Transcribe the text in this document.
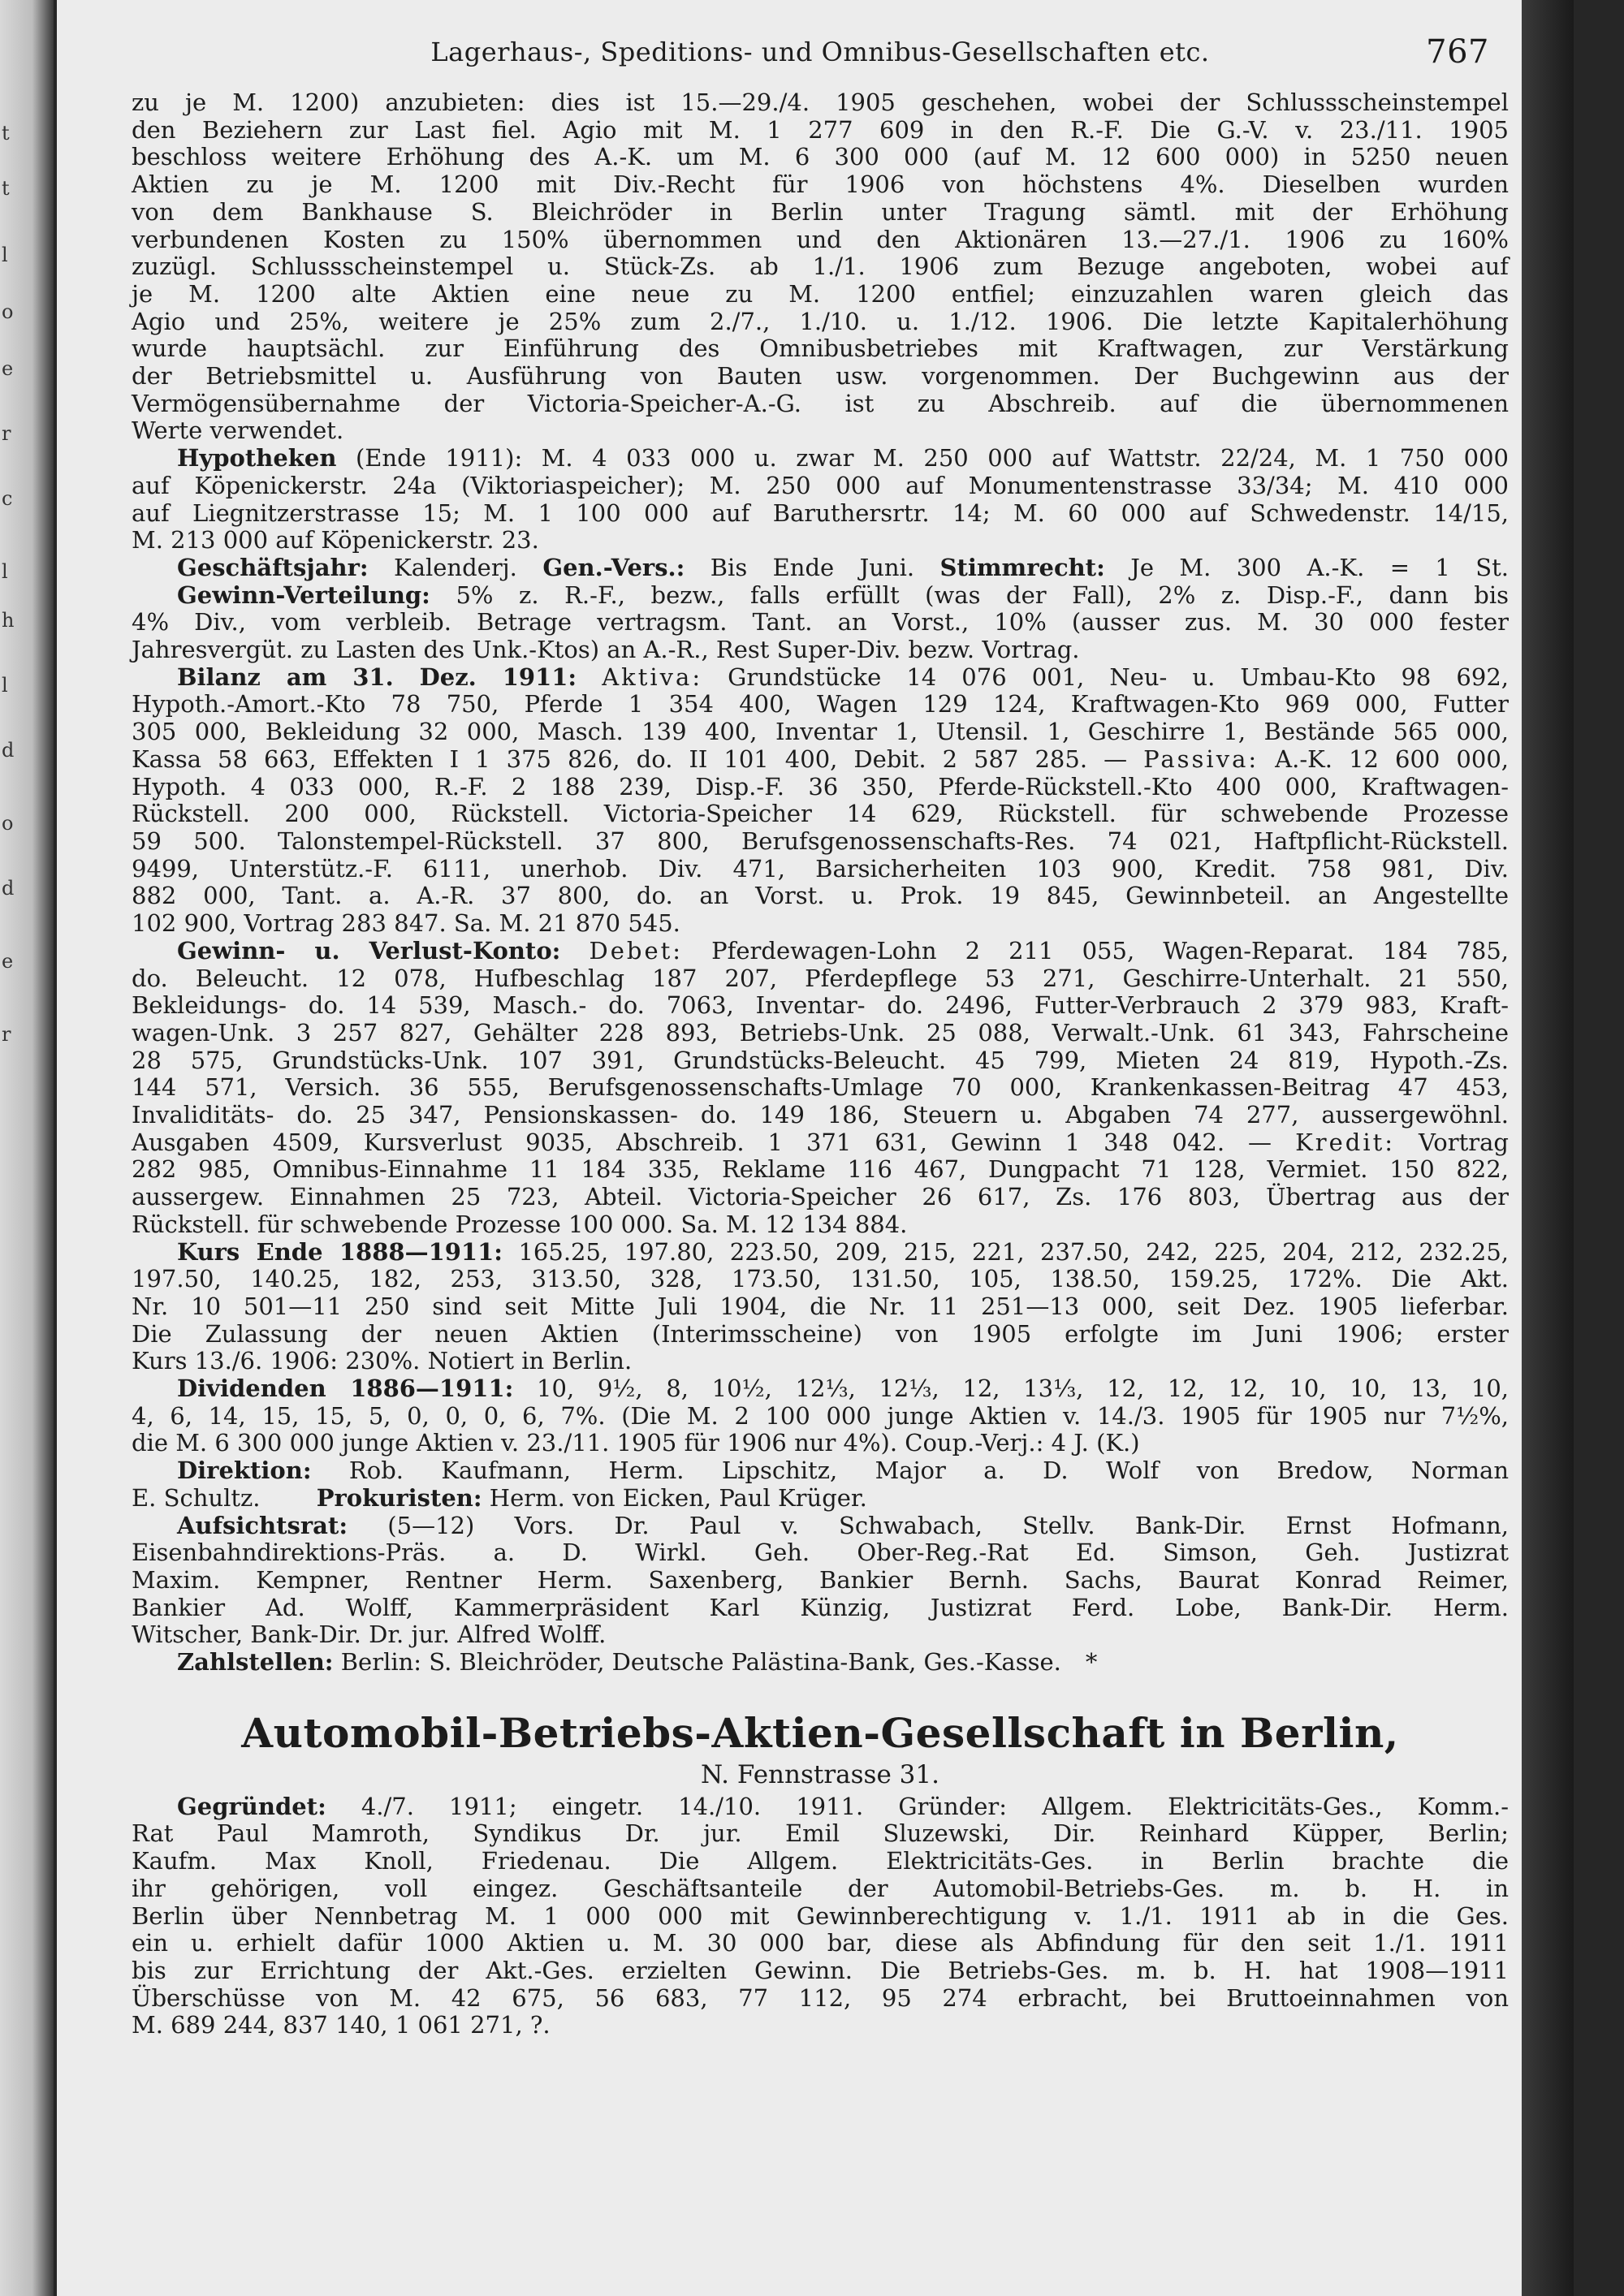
t
t
l
o
e
r
c
l
h
l
d
o
d
e
r
Lagerhaus-, Speditions- und Omnibus-Gesellschaften etc.	767

zu je M. 1200) anzubieten: dies ist 15.—29./4. 1905 geschehen, wobei der Schlussscheinstempel

den Beziehern zur Last fiel. Agio mit M. 1 277 609 in den R.-F. Die G.-V. v. 23./11. 1905

beschloss weitere Erhöhung des A.-K. um M. 6 300 000 (auf M. 12 600 000) in 5250 neuen

Aktien zu je M. 1200 mit Div.-Recht für 1906 von höchstens 4%. Dieselben wurden

von dem Bankhause S. Bleichröder in Berlin unter Tragung sämtl. mit der Erhöhung

verbundenen Kosten zu 150% übernommen und den Aktionären 13.—27./1. 1906 zu 160%

zuzügl. Schlussscheinstempel u. Stück-Zs. ab 1./1. 1906 zum Bezuge angeboten, wobei auf

je M. 1200 alte Aktien eine neue zu M. 1200 entfiel; einzuzahlen waren gleich das

Agio und 25%, weitere je 25% zum 2./7., 1./10. u. 1./12. 1906. Die letzte Kapitalerhöhung

wurde hauptsächl. zur Einführung des Omnibusbetriebes mit Kraftwagen, zur Verstärkung

der Betriebsmittel u. Ausführung von Bauten usw. vorgenommen. Der Buchgewinn aus der

Vermögensübernahme der Victoria-Speicher-A.-G. ist zu Abschreib. auf die übernommenen

Werte verwendet.

Hypotheken (Ende 1911): M. 4 033 000 u. zwar M. 250 000 auf Wattstr. 22/24, M. 1 750 000

auf Köpenickerstr. 24a (Viktoriaspeicher); M. 250 000 auf Monumentenstrasse 33/34; M. 410 000

auf Liegnitzerstrasse 15; M. 1 100 000 auf Baruthersrtr. 14; M. 60 000 auf Schwedenstr. 14/15,

M. 213 000 auf Köpenickerstr. 23.

Geschäftsjahr: Kalenderj. Gen.-Vers.: Bis Ende Juni. Stimmrecht: Je M. 300 A.-K. = 1 St.

Gewinn-Verteilung: 5% z. R.-F., bezw., falls erfüllt (was der Fall), 2% z. Disp.-F., dann bis

4% Div., vom verbleib. Betrage vertragsm. Tant. an Vorst., 10% (ausser zus. M. 30 000 fester

Jahresvergüt. zu Lasten des Unk.-Ktos) an A.-R., Rest Super-Div. bezw. Vortrag.

Bilanz am 31. Dez. 1911: Aktiva: Grundstücke 14 076 001, Neu- u. Umbau-Kto 98 692,

Hypoth.-Amort.-Kto 78 750, Pferde 1 354 400, Wagen 129 124, Kraftwagen-Kto 969 000, Futter

305 000, Bekleidung 32 000, Masch. 139 400, Inventar 1, Utensil. 1, Geschirre 1, Bestände 565 000,

Kassa 58 663, Effekten I 1 375 826, do. II 101 400, Debit. 2 587 285. — Passiva: A.-K. 12 600 000,

Hypoth. 4 033 000, R.-F. 2 188 239, Disp.-F. 36 350, Pferde-Rückstell.-Kto 400 000, Kraftwagen-

Rückstell. 200 000, Rückstell. Victoria-Speicher 14 629, Rückstell. für schwebende Prozesse

59 500. Talonstempel-Rückstell. 37 800, Berufsgenossenschafts-Res. 74 021, Haftpflicht-Rückstell.

9499, Unterstütz.-F. 6111, unerhob. Div. 471, Barsicherheiten 103 900, Kredit. 758 981, Div.

882 000, Tant. a. A.-R. 37 800, do. an Vorst. u. Prok. 19 845, Gewinnbeteil. an Angestellte

102 900, Vortrag 283 847. Sa. M. 21 870 545.

Gewinn- u. Verlust-Konto: Debet: Pferdewagen-Lohn 2 211 055, Wagen-Reparat. 184 785,

do. Beleucht. 12 078, Hufbeschlag 187 207, Pferdepflege 53 271, Geschirre-Unterhalt. 21 550,

Bekleidungs- do. 14 539, Masch.- do. 7063, Inventar- do. 2496, Futter-Verbrauch 2 379 983, Kraft-

wagen-Unk. 3 257 827, Gehälter 228 893, Betriebs-Unk. 25 088, Verwalt.-Unk. 61 343, Fahrscheine

28 575, Grundstücks-Unk. 107 391, Grundstücks-Beleucht. 45 799, Mieten 24 819, Hypoth.-Zs.

144 571, Versich. 36 555, Berufsgenossenschafts-Umlage 70 000, Krankenkassen-Beitrag 47 453,

Invaliditäts- do. 25 347, Pensionskassen- do. 149 186, Steuern u. Abgaben 74 277, aussergewöhnl.

Ausgaben 4509, Kursverlust 9035, Abschreib. 1 371 631, Gewinn 1 348 042. — Kredit: Vortrag

282 985, Omnibus-Einnahme 11 184 335, Reklame 116 467, Dungpacht 71 128, Vermiet. 150 822,

aussergew. Einnahmen 25 723, Abteil. Victoria-Speicher 26 617, Zs. 176 803, Übertrag aus der

Rückstell. für schwebende Prozesse 100 000. Sa. M. 12 134 884.

Kurs Ende 1888—1911: 165.25, 197.80, 223.50, 209, 215, 221, 237.50, 242, 225, 204, 212, 232.25,

197.50, 140.25, 182, 253, 313.50, 328, 173.50, 131.50, 105, 138.50, 159.25, 172%. Die Akt.

Nr. 10 501—11 250 sind seit Mitte Juli 1904, die Nr. 11 251—13 000, seit Dez. 1905 lieferbar.

Die Zulassung der neuen Aktien (Interimsscheine) von 1905 erfolgte im Juni 1906; erster

Kurs 13./6. 1906: 230%. Notiert in Berlin.

Dividenden 1886—1911: 10, 9½, 8, 10½, 12⅓, 12⅓, 12, 13⅓, 12, 12, 12, 10, 10, 13, 10,

4, 6, 14, 15, 15, 5, 0, 0, 0, 6, 7%. (Die M. 2 100 000 junge Aktien v. 14./3. 1905 für 1905 nur 7½%,

die M. 6 300 000 junge Aktien v. 23./11. 1905 für 1906 nur 4%). Coup.-Verj.: 4 J. (K.)

Direktion: Rob. Kaufmann, Herm. Lipschitz, Major a. D. Wolf von Bredow, Norman

E. Schultz. Prokuristen: Herm. von Eicken, Paul Krüger.

Aufsichtsrat: (5—12) Vors. Dr. Paul v. Schwabach, Stellv. Bank-Dir. Ernst Hofmann,

Eisenbahndirektions-Präs. a. D. Wirkl. Geh. Ober-Reg.-Rat Ed. Simson, Geh. Justizrat

Maxim. Kempner, Rentner Herm. Saxenberg, Bankier Bernh. Sachs, Baurat Konrad Reimer,

Bankier Ad. Wolff, Kammerpräsident Karl Künzig, Justizrat Ferd. Lobe, Bank-Dir. Herm.

Witscher, Bank-Dir. Dr. jur. Alfred Wolff.

Zahlstellen: Berlin: S. Bleichröder, Deutsche Palästina-Bank, Ges.-Kasse. *

Automobil-Betriebs-Aktien-Gesellschaft in Berlin,
N. Fennstrasse 31.

Gegründet: 4./7. 1911; eingetr. 14./10. 1911. Gründer: Allgem. Elektricitäts-Ges., Komm.-

Rat Paul Mamroth, Syndikus Dr. jur. Emil Sluzewski, Dir. Reinhard Küpper, Berlin;

Kaufm. Max Knoll, Friedenau. Die Allgem. Elektricitäts-Ges. in Berlin brachte die

ihr gehörigen, voll eingez. Geschäftsanteile der Automobil-Betriebs-Ges. m. b. H. in

Berlin über Nennbetrag M. 1 000 000 mit Gewinnberechtigung v. 1./1. 1911 ab in die Ges.

ein u. erhielt dafür 1000 Aktien u. M. 30 000 bar, diese als Abfindung für den seit 1./1. 1911

bis zur Errichtung der Akt.-Ges. erzielten Gewinn. Die Betriebs-Ges. m. b. H. hat 1908—1911

Überschüsse von M. 42 675, 56 683, 77 112, 95 274 erbracht, bei Bruttoeinnahmen von

M. 689 244, 837 140, 1 061 271, ?.
